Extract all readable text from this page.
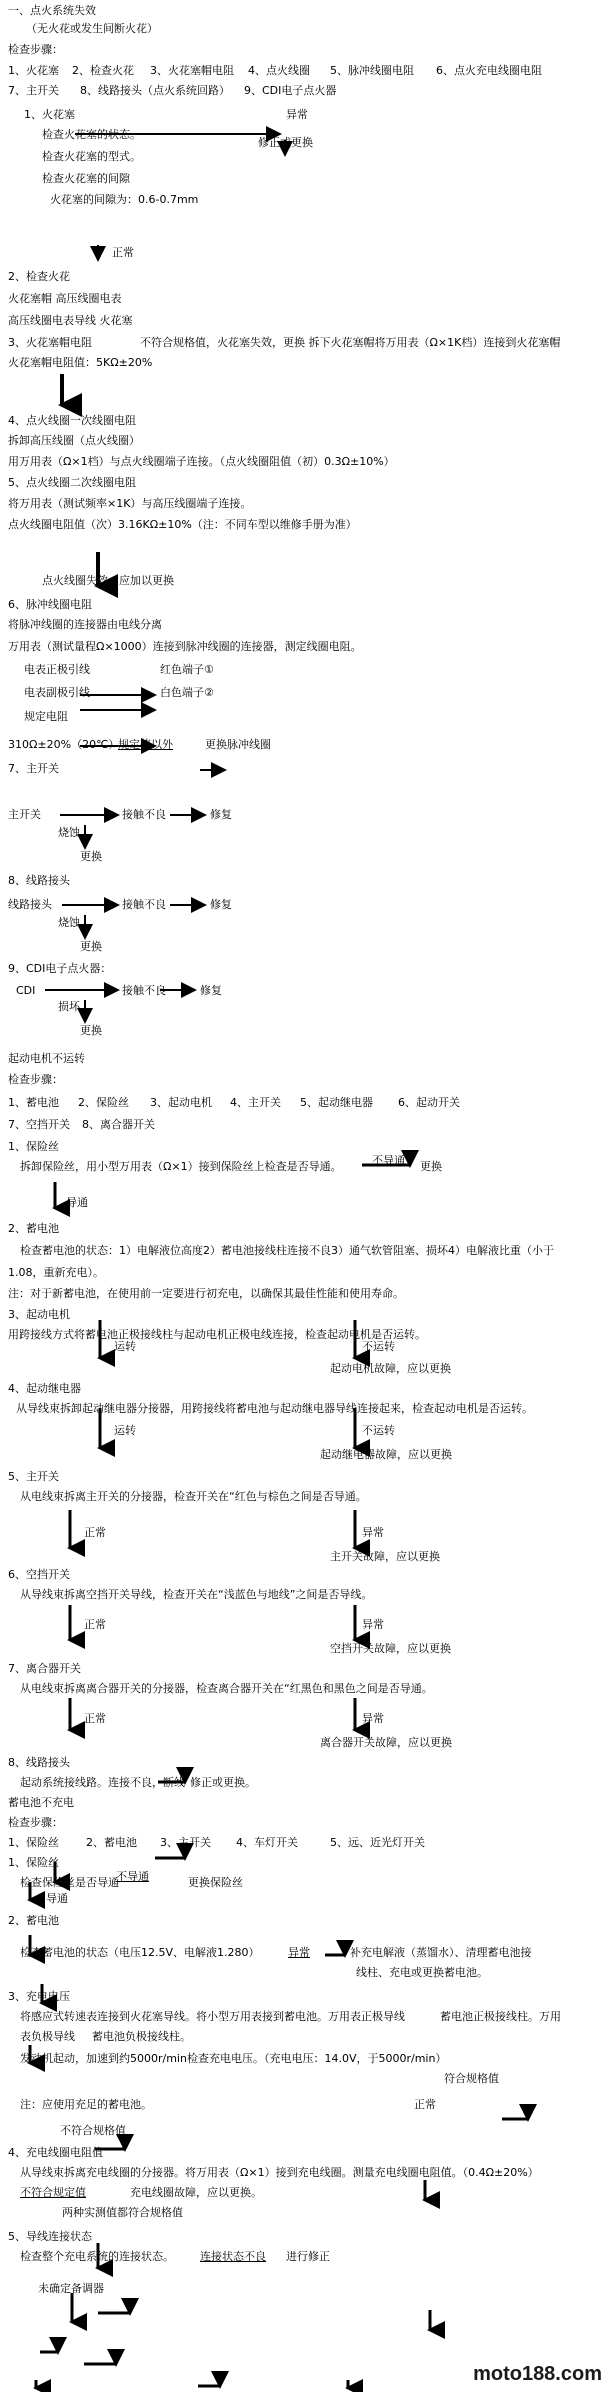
一、点火系统失效
（无火花或发生间断火花）
检查步骤：
1、火花塞 2、检查火花 3、火花塞帽电阻 4、点火线圈 5、脉冲线圈电阻 6、点火充电线圈电阻
7、主开关 8、线路接头（点火系统回路） 9、CDI电子点火器
1、火花塞	异常
修正或更换
检查火花塞的状态。
检查火花塞的型式。
检查火花塞的间隙
火花塞的间隙为：0.6-0.7mm
正常
2、检查火花
火花塞帽 高压线圈电表
高压线圈电表导线 火花塞
3、火花塞帽电阻	不符合规格值，火花塞失效，更换 拆下火花塞帽将万用表（Ω×1K档）连接到火花塞帽
火花塞帽电阻值：5KΩ±20%
4、点火线圈一次线圈电阻
拆卸高压线圈（点火线圈）
用万用表（Ω×1档）与点火线圈端子连接。（点火线圈阻值（初）0.3Ω±10%）
5、点火线圈二次线圈电阻
将万用表（测试频率×1K）与高压线圈端子连接。
点火线圈电阻值（次）3.16KΩ±10%（注：不同车型以维修手册为准）
点火线圈失效，应加以更换
6、脉冲线圈电阻
将脉冲线圈的连接器由电线分离
万用表（测试量程Ω×1000）连接到脉冲线圈的连接器，测定线圈电阻。
电表正极引线	红色端子①
电表副极引线	白色端子②
规定电阻
310Ω±20%（20℃）
规定值以外	更换脉冲线圈
7、主开关
主开关	接触不良	修复
烧蚀
更换
8、线路接头
线路接头	接触不良	修复
烧蚀
更换
9、CDI电子点火器：
CDI	接触不良	修复
损坏
更换
起动电机不运转
检查步骤：
1、蓄电池 2、保险丝 3、起动电机 4、主开关 5、起动继电器 6、起动开关
7、空挡开关 8、离合器开关
1、保险丝
拆卸保险丝，用小型万用表（Ω×1）接到保险丝上检查是否导通。	不导通 更换
导通
2、蓄电池
检查蓄电池的状态：1）电解液位高度2）蓄电池接线柱连接不良3）通气软管阻塞、损坏4）电解液比重（小于
1.08，重新充电）。
注：对于新蓄电池，在使用前一定要进行初充电，以确保其最佳性能和使用寿命。
3、起动电机
用跨接线方式将蓄电池正极接线柱与起动电机正极电线连接，检查起动电机是否运转。
运转	不运转
起动电机故障，应以更换
4、起动继电器
从导线束拆卸起动继电器分接器，用跨接线将蓄电池与起动继电器导线连接起来，检查起动电机是否运转。
运转	不运转
起动继电器故障，应以更换
5、主开关
从电线束拆离主开关的分接器，检查开关在“红色与棕色之间是否导通。
正常	异常
主开关故障，应以更换
6、空挡开关
从导线束拆离空挡开关导线，检查开关在“浅蓝色与地线”之间是否导线。
正常	异常
空挡开关故障，应以更换
7、离合器开关
从电线束拆离离合器开关的分接器，检查离合器开关在“红黑色和黑色之间是否导通。
正常	异常
离合器开关故障，应以更换
8、线路接头
起动系统接线路。连接不良，断线 修正或更换。
蓄电池不充电
检查步骤：
1、保险丝 2、蓄电池 3、主开关 4、车灯开关	5、远、近光灯开关
1、保险丝
检查保险丝是否导通
不导通	更换保险丝
导通
2、蓄电池
检查蓄电池的状态（电压12.5V、电解液1.280）	异常	补充电解液（蒸馏水）、清理蓄电池接
线柱、充电或更换蓄电池。
3、充电电压
将感应式转速表连接到火花塞导线。将小型万用表接到蓄电池。万用表正极导线	蓄电池正极接线柱。万用
表负极导线 蓄电池负极接线柱。
发动机起动，加速到约5000r/min检查充电电压。（充电电压：14.0V，于5000r/min）
符合规格值
正常
注：应使用充足的蓄电池。
不符合规格值
4、充电线圈电阻值
从导线束拆离充电线圈的分接器。将万用表（Ω×1）接到充电线圈。测量充电线圈电阻值。（0.4Ω±20%）
不符合规定值	充电线圈故障，应以更换。
两种实测值都符合规格值
5、导线连接状态
检查整个充电系统的连接状态。 连接状态不良 进行修正
未确定备调器
moto188.com
